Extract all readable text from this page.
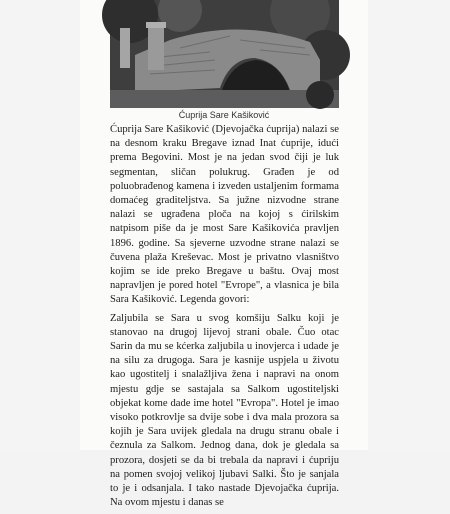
Ćuprija Sare Kašiković

Ćuprija Sare Kašiković (Djevojačka ćuprija) nalazi se na desnom kraku Bregave iznad Inat ćuprije, idući prema Begovini. Most je na jedan svod čiji je luk segmentan, sličan polukrug. Građen je od poluobrađenog kamena i izveden ustaljenim formama domaćeg graditeljstva. Sa južne nizvodne strane nalazi se ugrađena ploča na kojoj s ćirilskim natpisom piše da je most Sare Kašikovića pravljen 1896. godine. Sa sjeverne uzvodne strane nalazi se čuvena plaža Kreševac. Most je privatno vlasništvo kojim se ide preko Bregave u baštu. Ovaj most napravljen je pored hotel "Evrope", a vlasnica je bila Sara Kašiković. Legenda govori:

Zaljubila se Sara u svog komšiju Salku koji je stanovao na drugoj lijevoj strani obale. Čuo otac Sarin da mu se kćerka zaljubila u inovjerca i udade je na silu za drugoga. Sara je kasnije uspjela u životu kao ugostitelj i snalažljiva žena i napravi na onom mjestu gdje se sastajala sa Salkom ugostiteljski objekat kome dade ime hotel "Evropa". Hotel je imao visoko potkrovlje sa dvije sobe i dva mala prozora sa kojih je Sara uvijek gledala na drugu stranu obale i čeznula za Salkom. Jednog dana, dok je gledala sa prozora, dosjeti se da bi trebala da napravi i ćupriju na pomen svojoj velikoj ljubavi Salki. Što je sanjala to je i odsanjala. I tako nastade Djevojačka ćuprija. Na ovom mjestu i danas se
